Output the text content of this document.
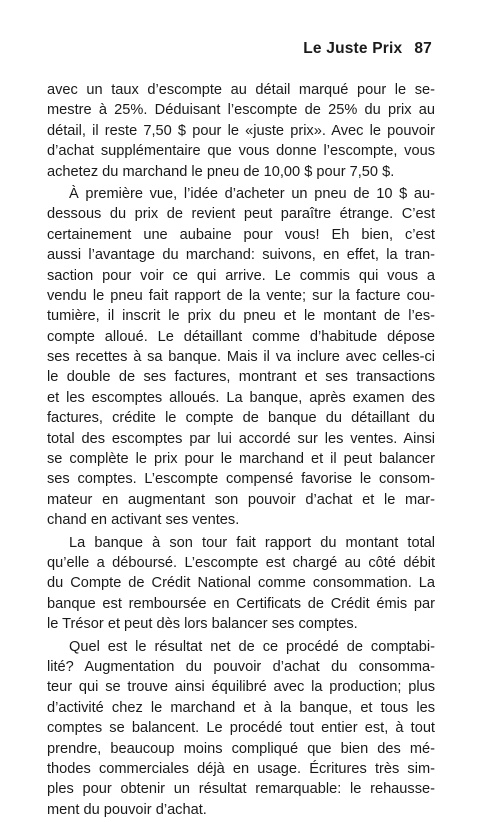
Le Juste Prix 87
avec un taux d’escompte au détail marqué pour le se-
mestre à 25%. Déduisant l’escompte de 25% du prix au
détail, il reste 7,50 $ pour le «juste prix». Avec le pouvoir
d’achat supplémentaire que vous donne l’escompte, vous
achetez du marchand le pneu de 10,00 $ pour 7,50 $.
À première vue, l’idée d’acheter un pneu de 10 $ au-
dessous du prix de revient peut paraître étrange. C’est
certainement une aubaine pour vous! Eh bien, c’est
aussi l’avantage du marchand: suivons, en effet, la tran-
saction pour voir ce qui arrive. Le commis qui vous a
vendu le pneu fait rapport de la vente; sur la facture cou-
tumière, il inscrit le prix du pneu et le montant de l’es-
compte alloué. Le détaillant comme d’habitude dépose
ses recettes à sa banque. Mais il va inclure avec celles-ci
le double de ses factures, montrant et ses transactions
et les escomptes alloués. La banque, après examen des
factures, crédite le compte de banque du détaillant du
total des escomptes par lui accordé sur les ventes. Ainsi
se complète le prix pour le marchand et il peut balancer
ses comptes. L’escompte compensé favorise le consom-
mateur en augmentant son pouvoir d’achat et le mar-
chand en activant ses ventes.
La banque à son tour fait rapport du montant total
qu’elle a déboursé. L’escompte est chargé au côté débit
du Compte de Crédit National comme consommation. La
banque est remboursée en Certificats de Crédit émis par
le Trésor et peut dès lors balancer ses comptes.
Quel est le résultat net de ce procédé de comptabi-
lité? Augmentation du pouvoir d’achat du consomma-
teur qui se trouve ainsi équilibré avec la production; plus
d’activité chez le marchand et à la banque, et tous les
comptes se balancent. Le procédé tout entier est, à tout
prendre, beaucoup moins compliqué que bien des mé-
thodes commerciales déjà en usage. Écritures très sim-
ples pour obtenir un résultat remarquable: le rehausse-
ment du pouvoir d’achat.
